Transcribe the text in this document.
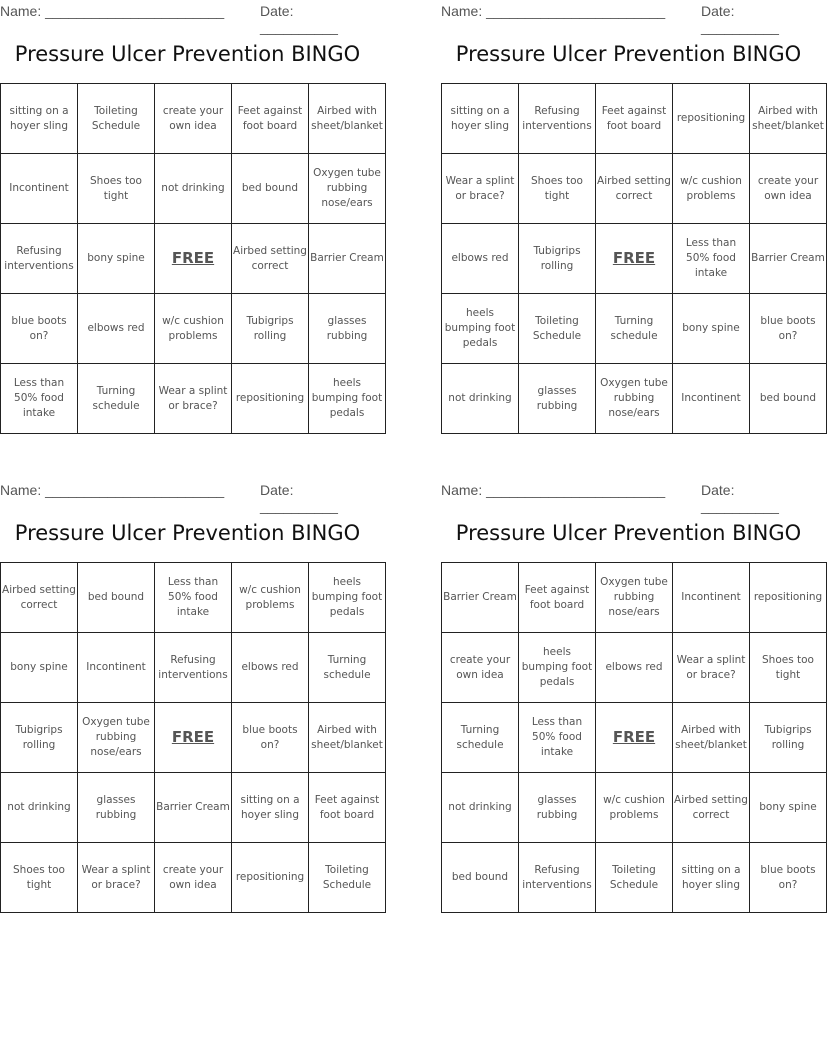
Name: _______________________	Date: __________
Pressure Ulcer Prevention BINGO
sitting on a hoyer sling	Toileting Schedule	create your own idea	Feet against foot board	Airbed with sheet/blanket
Incontinent	Shoes too tight	not drinking	bed bound	Oxygen tube rubbing nose/ears
Refusing interventions	bony spine	FREE	Airbed setting correct	Barrier Cream
blue boots on?	elbows red	w/c cushion problems	Tubigrips rolling	glasses rubbing
Less than 50% food intake	Turning schedule	Wear a splint or brace?	repositioning	heels bumping foot pedals
Name: _______________________	Date: __________
Pressure Ulcer Prevention BINGO
sitting on a hoyer sling	Refusing interventions	Feet against foot board	repositioning	Airbed with sheet/blanket
Wear a splint or brace?	Shoes too tight	Airbed setting correct	w/c cushion problems	create your own idea
elbows red	Tubigrips rolling	FREE	Less than 50% food intake	Barrier Cream
heels bumping foot pedals	Toileting Schedule	Turning schedule	bony spine	blue boots on?
not drinking	glasses rubbing	Oxygen tube rubbing nose/ears	Incontinent	bed bound
Name: _______________________	Date: __________
Pressure Ulcer Prevention BINGO
Airbed setting correct	bed bound	Less than 50% food intake	w/c cushion problems	heels bumping foot pedals
bony spine	Incontinent	Refusing interventions	elbows red	Turning schedule
Tubigrips rolling	Oxygen tube rubbing nose/ears	FREE	blue boots on?	Airbed with sheet/blanket
not drinking	glasses rubbing	Barrier Cream	sitting on a hoyer sling	Feet against foot board
Shoes too tight	Wear a splint or brace?	create your own idea	repositioning	Toileting Schedule
Name: _______________________	Date: __________
Pressure Ulcer Prevention BINGO
Barrier Cream	Feet against foot board	Oxygen tube rubbing nose/ears	Incontinent	repositioning
create your own idea	heels bumping foot pedals	elbows red	Wear a splint or brace?	Shoes too tight
Turning schedule	Less than 50% food intake	FREE	Airbed with sheet/blanket	Tubigrips rolling
not drinking	glasses rubbing	w/c cushion problems	Airbed setting correct	bony spine
bed bound	Refusing interventions	Toileting Schedule	sitting on a hoyer sling	blue boots on?
